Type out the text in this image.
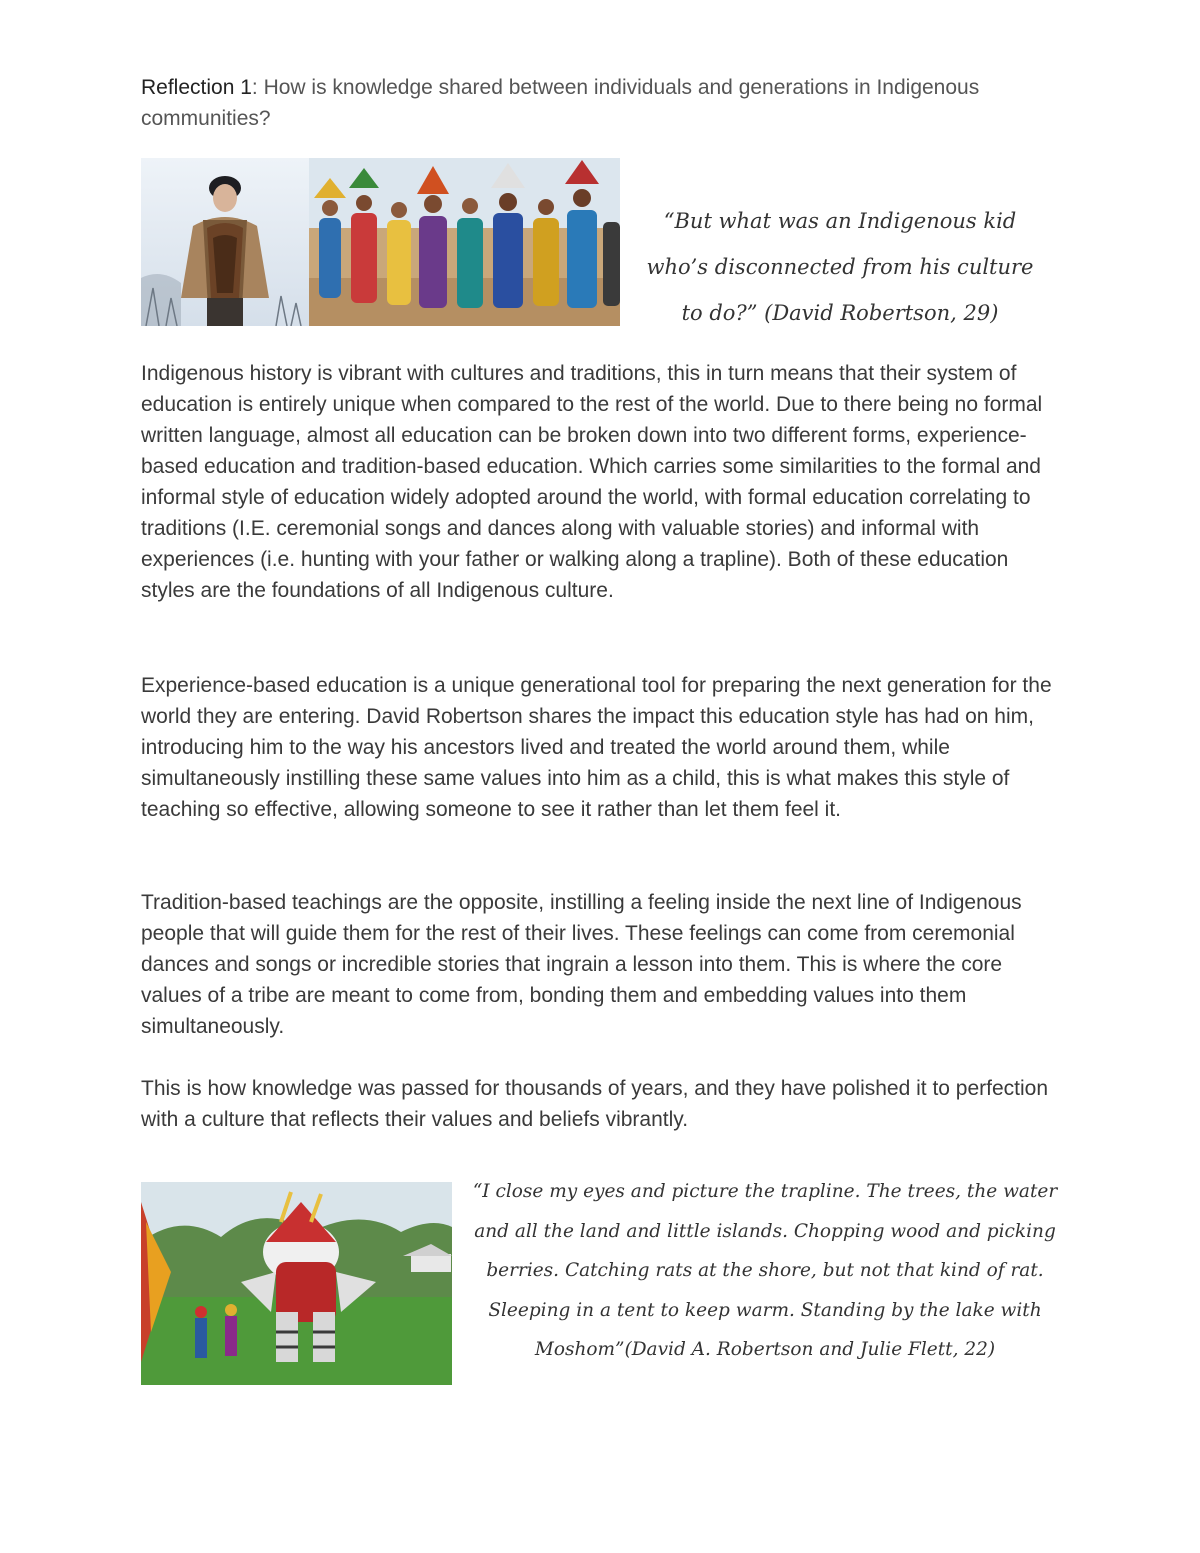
Reflection 1: How is knowledge shared between individuals and generations in Indigenous communities?
“But what was an Indigenous kid who’s disconnected from his culture to do?” (David Robertson, 29)

Indigenous history is vibrant with cultures and traditions, this in turn means that their system of education is entirely unique when compared to the rest of the world. Due to there being no formal written language, almost all education can be broken down into two different forms, experience-based education and tradition-based education. Which carries some similarities to the formal and informal style of education widely adopted around the world, with formal education correlating to traditions (I.E. ceremonial songs and dances along with valuable stories) and informal with experiences (i.e. hunting with your father or walking along a trapline). Both of these education styles are the foundations of all Indigenous culture.

Experience-based education is a unique generational tool for preparing the next generation for the world they are entering. David Robertson shares the impact this education style has had on him, introducing him to the way his ancestors lived and treated the world around them, while simultaneously instilling these same values into him as a child, this is what makes this style of teaching so effective, allowing someone to see it rather than let them feel it.

Tradition-based teachings are the opposite, instilling a feeling inside the next line of Indigenous people that will guide them for the rest of their lives. These feelings can come from ceremonial dances and songs or incredible stories that ingrain a lesson into them. This is where the core values of a tribe are meant to come from, bonding them and embedding values into them simultaneously.

This is how knowledge was passed for thousands of years, and they have polished it to perfection with a culture that reflects their values and beliefs vibrantly.

“I close my eyes and picture the trapline. The trees, the water and all the land and little islands. Chopping wood and picking berries. Catching rats at the shore, but not that kind of rat. Sleeping in a tent to keep warm. Standing by the lake with Moshom”(David A. Robertson and Julie Flett, 22)
